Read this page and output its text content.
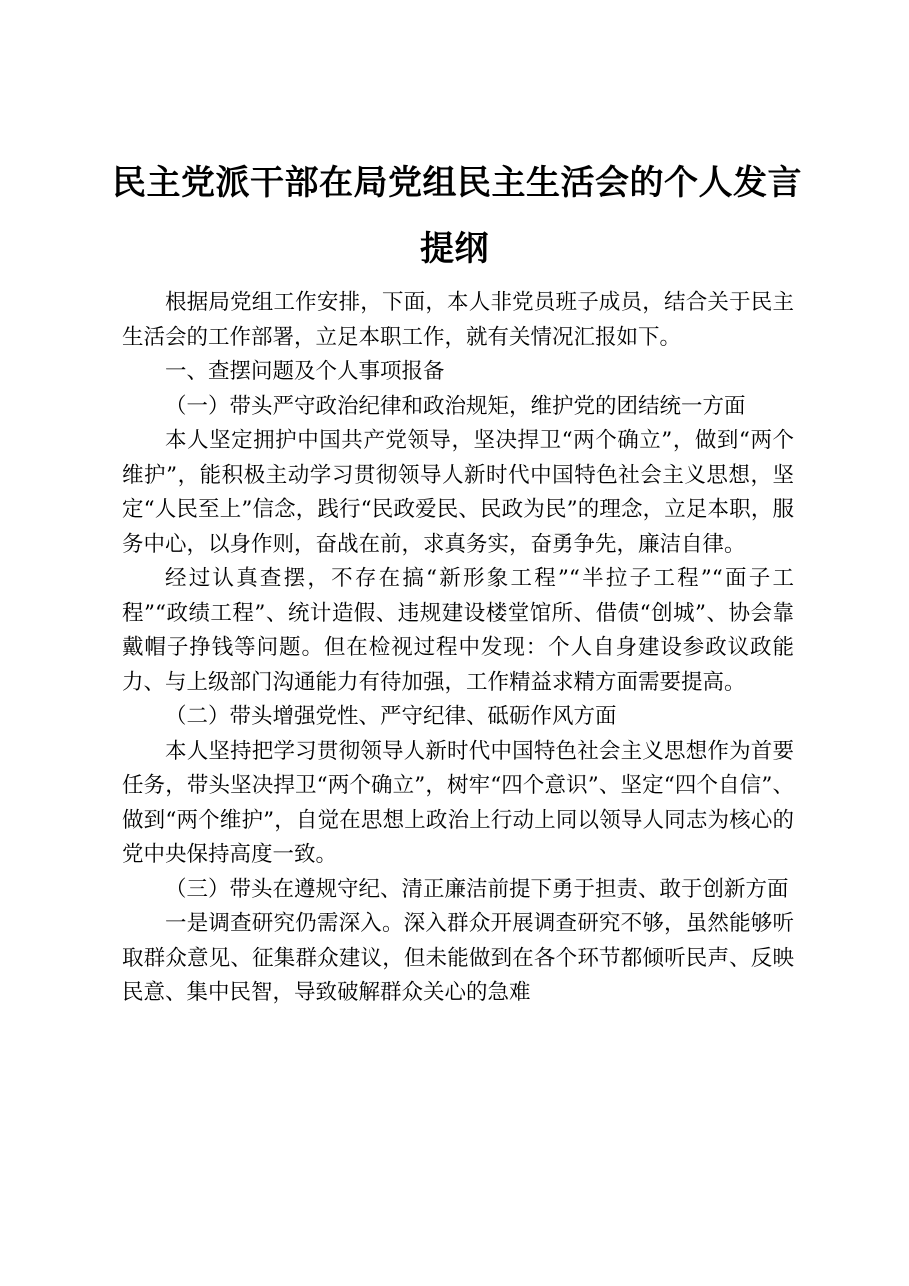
民主党派干部在局党组民主生活会的个人发言
提纲

根据局党组工作安排，下面，本人非党员班子成员，结合关于民主生活会的工作部署，立足本职工作，就有关情况汇报如下。

一、查摆问题及个人事项报备

（一）带头严守政治纪律和政治规矩，维护党的团结统一方面

本人坚定拥护中国共产党领导，坚决捍卫“两个确立”，做到“两个维护”，能积极主动学习贯彻领导人新时代中国特色社会主义思想，坚定“人民至上”信念，践行“民政爱民、民政为民”的理念，立足本职，服务中心，以身作则，奋战在前，求真务实，奋勇争先，廉洁自律。

经过认真查摆，不存在搞“新形象工程”“半拉子工程”“面子工程”“政绩工程”、统计造假、违规建设楼堂馆所、借债“创城”、协会靠戴帽子挣钱等问题。但在检视过程中发现：个人自身建设参政议政能力、与上级部门沟通能力有待加强，工作精益求精方面需要提高。

（二）带头增强党性、严守纪律、砥砺作风方面

本人坚持把学习贯彻领导人新时代中国特色社会主义思想作为首要任务，带头坚决捍卫“两个确立”，树牢“四个意识”、坚定“四个自信”、做到“两个维护”，自觉在思想上政治上行动上同以领导人同志为核心的党中央保持高度一致。

（三）带头在遵规守纪、清正廉洁前提下勇于担责、敢于创新方面

一是调查研究仍需深入。深入群众开展调查研究不够，虽然能够听取群众意见、征集群众建议，但未能做到在各个环节都倾听民声、反映民意、集中民智，导致破解群众关心的急难
